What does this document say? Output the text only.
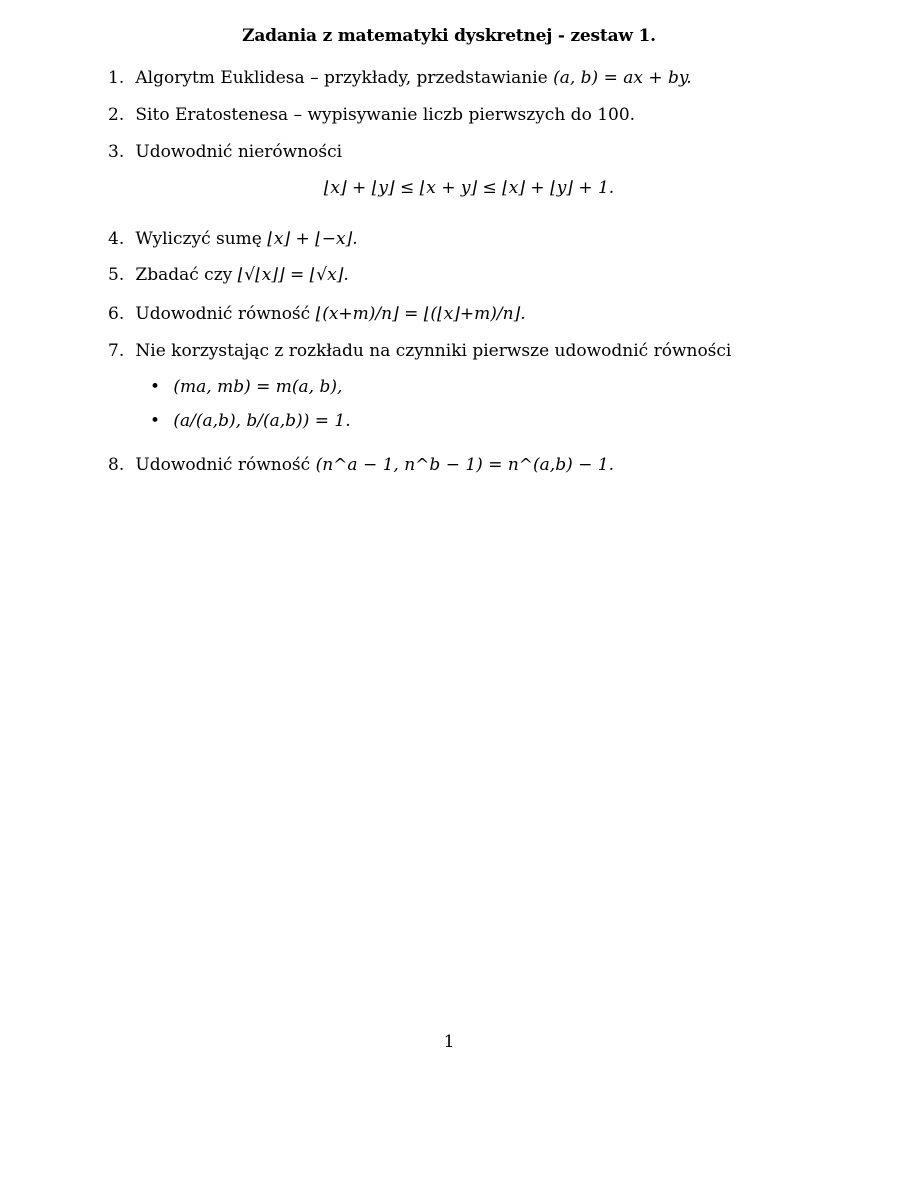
Zadania z matematyki dyskretnej - zestaw 1.
1. Algorytm Euklidesa – przykłady, przedstawianie (a, b) = ax + by.
2. Sito Eratostenesa – wypisywanie liczb pierwszych do 100.
3. Udowodnić nierówności
⌊x⌋ + ⌊y⌋ ≤ ⌊x + y⌋ ≤ ⌊x⌋ + ⌊y⌋ + 1.
4. Wyliczyć sumę ⌊x⌋ + ⌊−x⌋.
5. Zbadać czy ⌊√⌊x⌋⌋ = ⌊√x⌋.
6. Udowodnić równość ⌊(x+m)/n⌋ = ⌊(⌊x⌋+m)/n⌋.
7. Nie korzystając z rozkładu na czynniki pierwsze udowodnić równości
• (ma, mb) = m(a, b),
• (a/(a,b), b/(a,b)) = 1.
8. Udowodnić równość (n^a − 1, n^b − 1) = n^(a,b) − 1.
1
